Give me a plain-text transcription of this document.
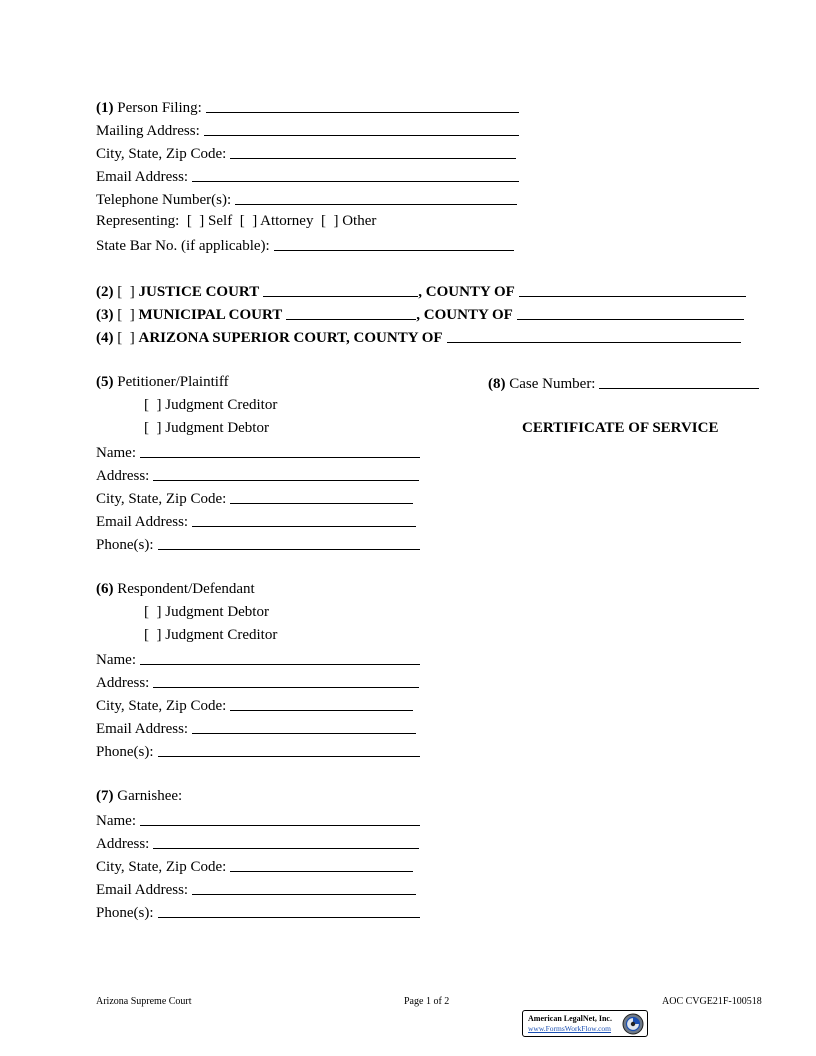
(1)
Person Filing:
Mailing Address:
City, State, Zip Code:
Email Address:
Telephone Number(s):
Representing:  [  ] Self  [  ] Attorney  [  ] Other
State Bar No. (if applicable):
(2)
[  ]
JUSTICE COURT	, COUNTY OF
(3)
[  ]
MUNICIPAL COURT	, COUNTY OF
(4)
[  ]
ARIZONA SUPERIOR COURT, COUNTY OF
(8)
Case Number:
CERTIFICATE OF SERVICE
(5)
Petitioner/Plaintiff
[  ] Judgment Creditor
[  ] Judgment Debtor
Name:
Address:
City, State, Zip Code:
Email Address:
Phone(s):
(6)
Respondent/Defendant
[  ] Judgment Debtor
[  ] Judgment Creditor
Name:
Address:
City, State, Zip Code:
Email Address:
Phone(s):
(7)
Garnishee:
Name:
Address:
City, State, Zip Code:
Email Address:
Phone(s):
Arizona Supreme Court	Page 1 of 2	AOC CVGE21F-100518
American LegalNet, Inc.
www.FormsWorkFlow.com
